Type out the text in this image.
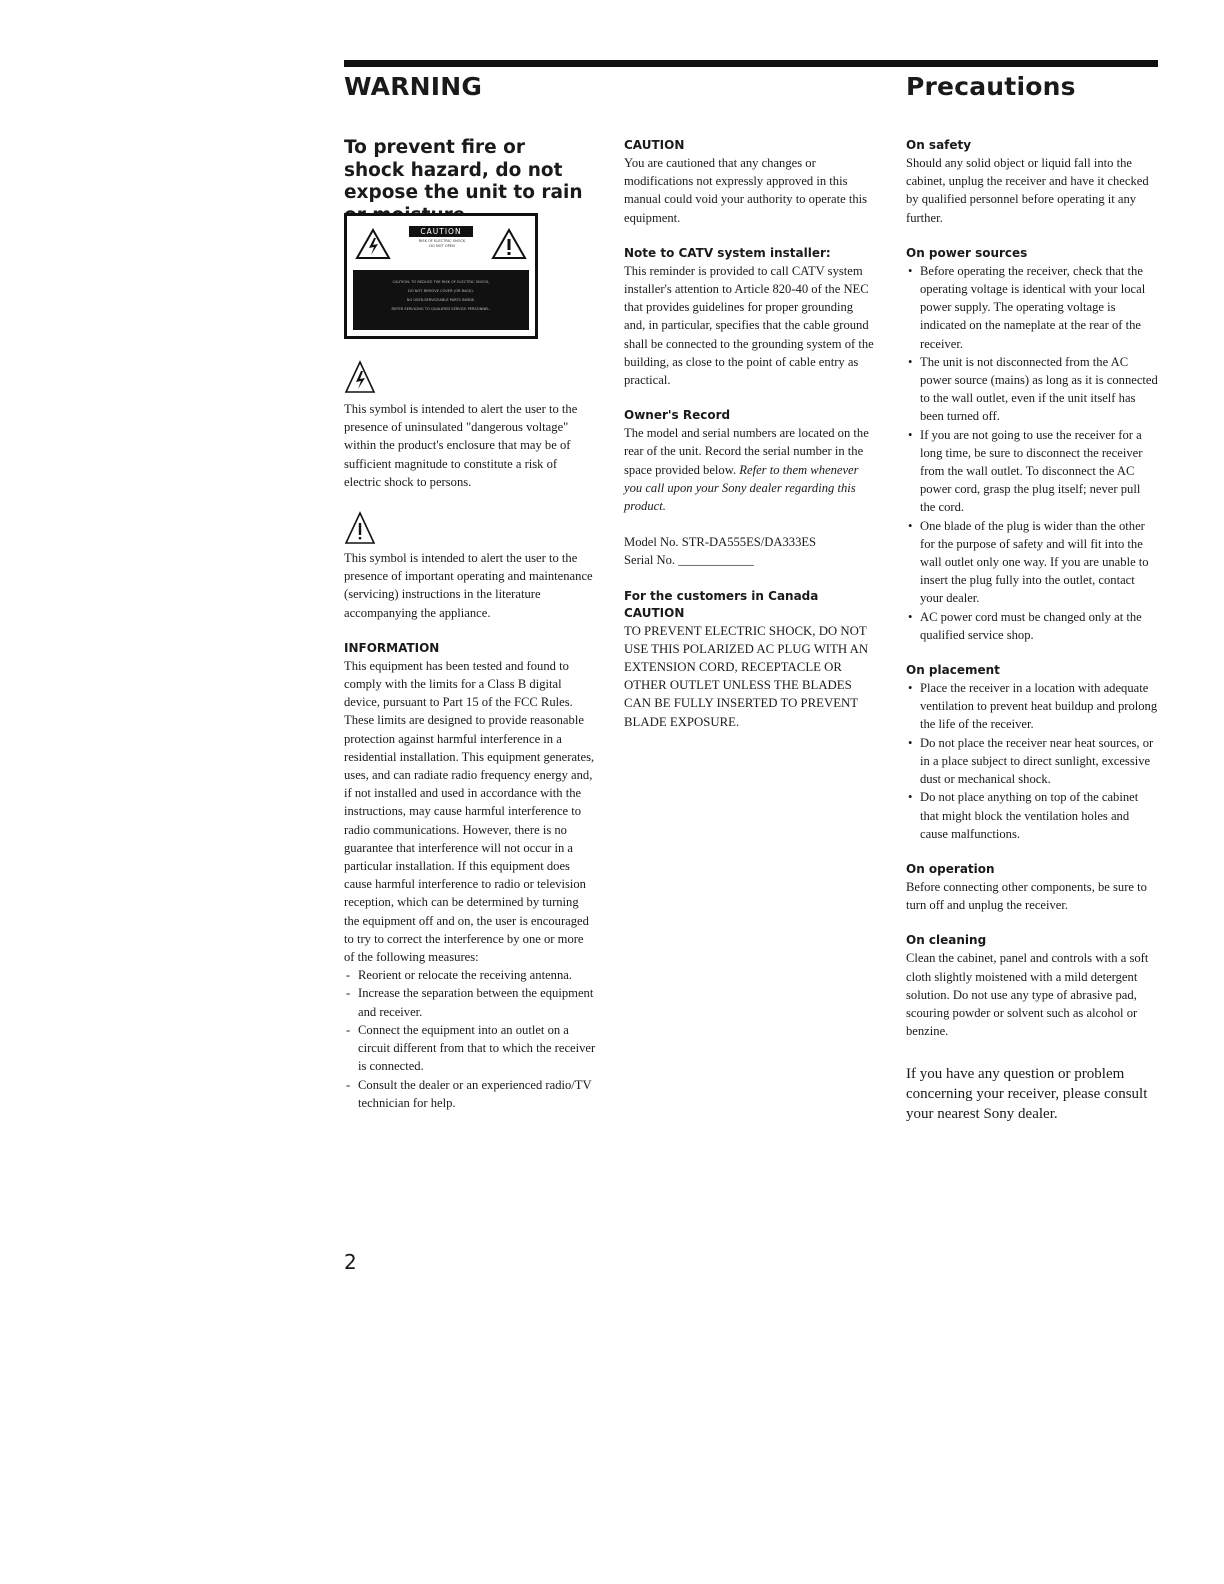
WARNING	Precautions

To prevent fire or shock hazard, do not expose the unit to rain

CAUTION
RISK OF ELECTRIC SHOCK
DO NOT OPEN
CAUTION: TO REDUCE THE RISK OF ELECTRIC SHOCK,
DO NOT REMOVE COVER (OR BACK).
NO USER-SERVICEABLE PARTS INSIDE.
REFER SERVICING TO QUALIFIED SERVICE PERSONNEL.

This symbol is intended to alert the user to the presence of uninsulated "dangerous voltage" within the product's enclosure that may be of sufficient magnitude to constitute a risk of electric shock to persons.

This symbol is intended to alert the user to the presence of important operating and maintenance (servicing) instructions in the literature accompanying the appliance.

INFORMATION

This equipment has been tested and found to comply with the limits for a Class B digital device, pursuant to Part 15 of the FCC Rules.

These limits are designed to provide reasonable protection against harmful interference in a residential installation. This equipment generates, uses, and can radiate radio frequency energy and, if not installed and used in accordance with the instructions, may cause harmful interference to radio communications. However, there is no guarantee that interference will not occur in a particular installation. If this equipment does cause harmful interference to radio or television reception, which can be determined by turning the equipment off and on, the user is encouraged to try to correct the interference by one or more of the following measures:

- Reorient or relocate the receiving antenna.
- Increase the separation between the equipment and receiver.
- Connect the equipment into an outlet on a circuit different from that to which the receiver is connected.
- Consult the dealer or an experienced radio/TV technician for help.

CAUTION

You are cautioned that any changes or modifications not expressly approved in this manual could void your authority to operate this equipment.

Note to CATV system installer:

This reminder is provided to call CATV system installer's attention to Article 820-40 of the NEC that provides guidelines for proper grounding and, in particular, specifies that the cable ground shall be connected to the grounding system of the building, as close to the point of cable entry as practical.

Owner's Record

The model and serial numbers are located on the rear of the unit. Record the serial number in the space provided below. Refer to them whenever you call upon your Sony dealer regarding this product.

Model No. STR-DA555ES/DA333ES

Serial No. ____________

For the customers in Canada

CAUTION

TO PREVENT ELECTRIC SHOCK, DO NOT USE THIS POLARIZED AC PLUG WITH AN EXTENSION CORD, RECEPTACLE OR OTHER OUTLET UNLESS THE BLADES CAN BE FULLY INSERTED TO PREVENT BLADE EXPOSURE.

On safety

Should any solid object or liquid fall into the cabinet, unplug the receiver and have it checked by qualified personnel before operating it any further.

On power sources

• Before operating the receiver, check that the operating voltage is identical with your local power supply. The operating voltage is indicated on the nameplate at the rear of the receiver.
• The unit is not disconnected from the AC power source (mains) as long as it is connected to the wall outlet, even if the unit itself has been turned off.
• If you are not going to use the receiver for a long time, be sure to disconnect the receiver from the wall outlet. To disconnect the AC power cord, grasp the plug itself; never pull the cord.
• One blade of the plug is wider than the other for the purpose of safety and will fit into the wall outlet only one way. If you are unable to insert the plug fully into the outlet, contact your dealer.
• AC power cord must be changed only at the qualified service shop.

On placement

• Place the receiver in a location with adequate ventilation to prevent heat buildup and prolong the life of the receiver.
• Do not place the receiver near heat sources, or in a place subject to direct sunlight, excessive dust or mechanical shock.
• Do not place anything on top of the cabinet that might block the ventilation holes and cause malfunctions.

On operation

Before connecting other components, be sure to turn off and unplug the receiver.

On cleaning

Clean the cabinet, panel and controls with a soft cloth slightly moistened with a mild detergent solution. Do not use any type of abrasive pad, scouring powder or solvent such as alcohol or benzine.

If you have any question or problem concerning your receiver, please consult your nearest Sony dealer.

2
